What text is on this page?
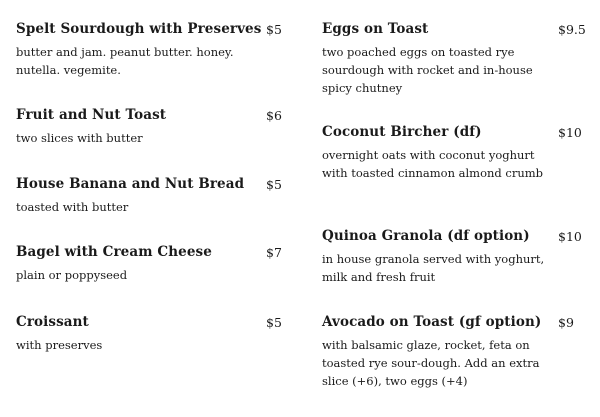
Spelt Sourdough with Preserves $5
butter and jam. peanut butter. honey. nutella. vegemite.
Fruit and Nut Toast	$6
two slices with butter
House Banana and Nut Bread $5
toasted with butter
Bagel with Cream Cheese	$7
plain or poppyseed
Croissant	$5
with preserves
Eggs on Toast	$9.5
two poached eggs on toasted rye sourdough with rocket and in-house spicy chutney
Coconut Bircher (df)	$10
overnight oats with coconut yoghurt with toasted cinnamon almond crumb
Quinoa Granola (df option) $10
in house granola served with yoghurt, milk and fresh fruit
Avocado on Toast (gf option) $9
with balsamic glaze, rocket, feta on toasted rye sour-dough. Add an extra slice (+6), two eggs (+4)
